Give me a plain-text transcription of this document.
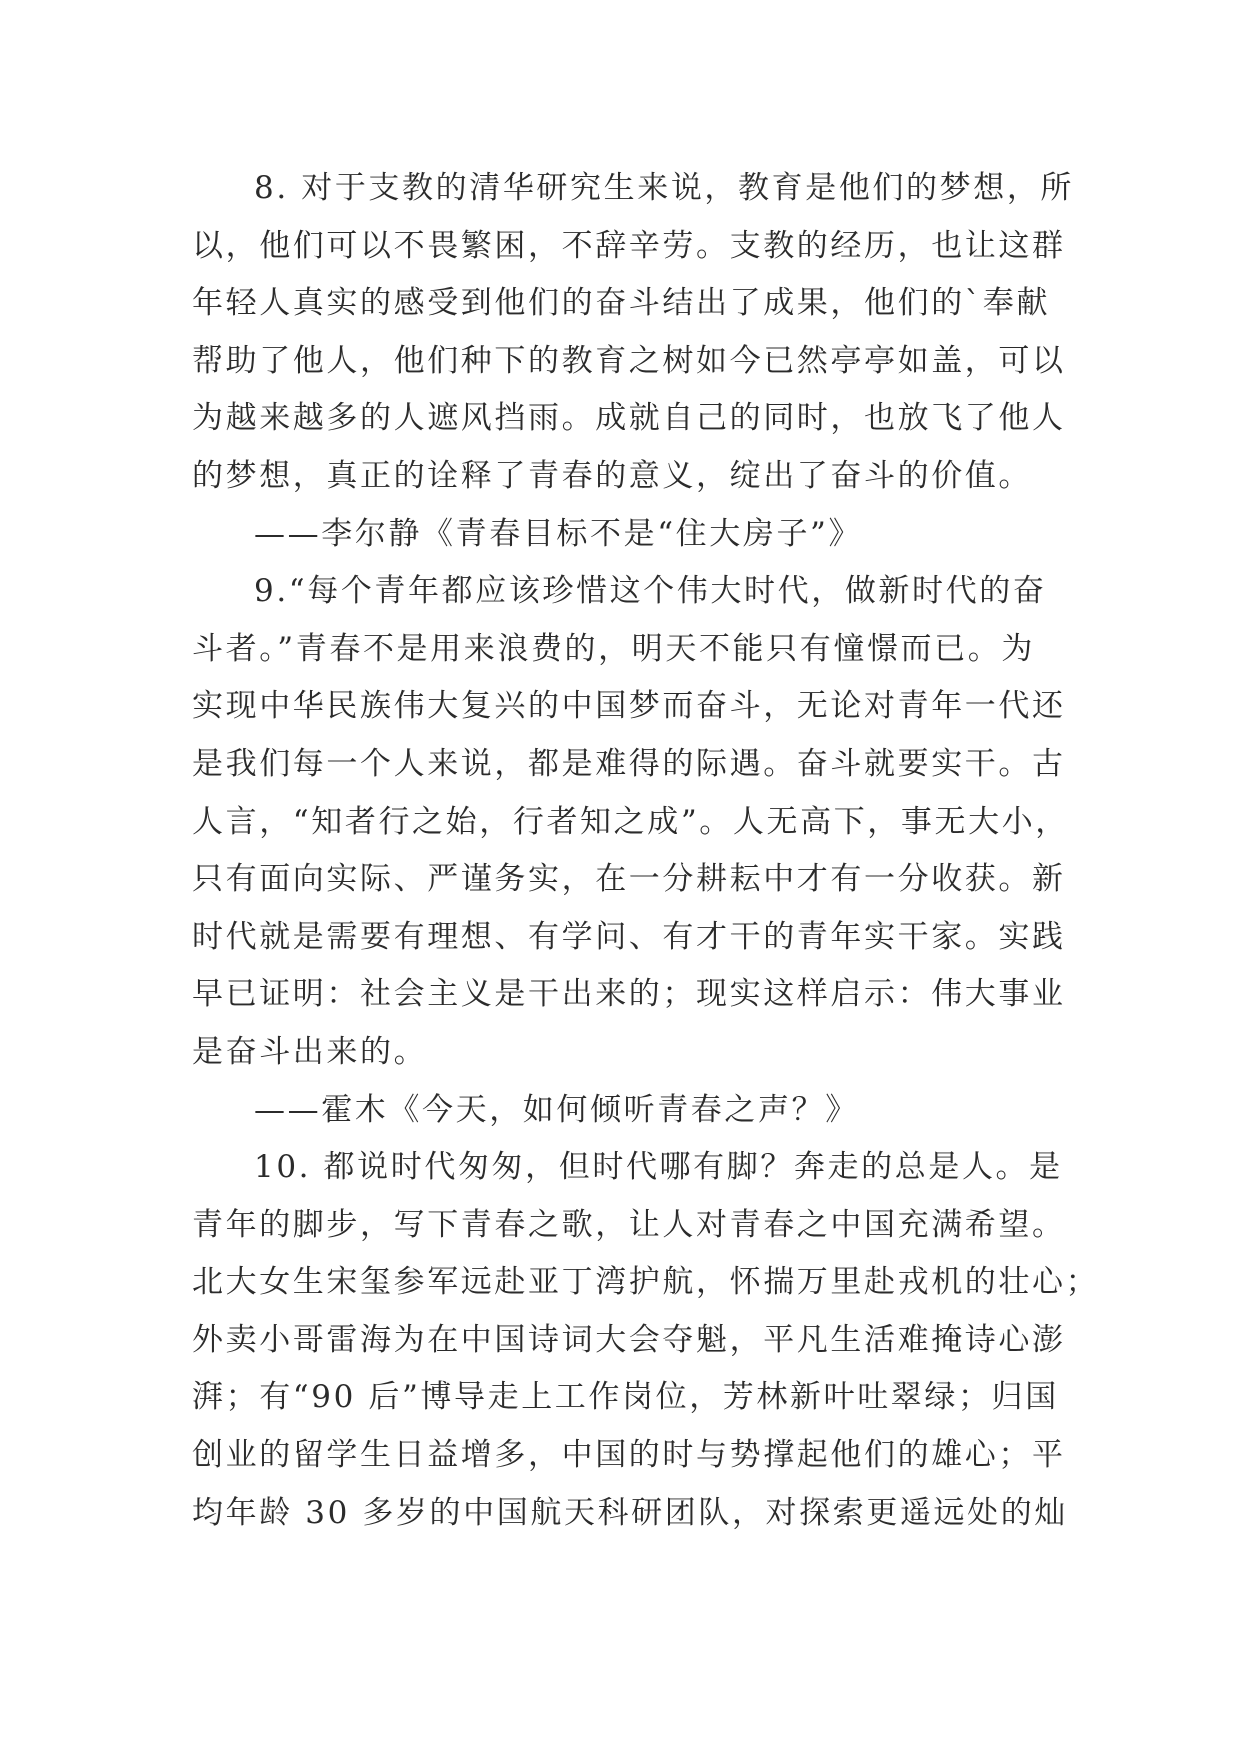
8. 对于支教的清华研究生来说，教育是他们的梦想，所
以，他们可以不畏繁困，不辞辛劳。支教的经历，也让这群
年轻人真实的感受到他们的奋斗结出了成果，他们的`奉献
帮助了他人，他们种下的教育之树如今已然亭亭如盖，可以
为越来越多的人遮风挡雨。成就自己的同时，也放飞了他人
的梦想，真正的诠释了青春的意义，绽出了奋斗的价值。
——李尔静《青春目标不是“住大房子”》
9.“每个青年都应该珍惜这个伟大时代，做新时代的奋
斗者。”青春不是用来浪费的，明天不能只有憧憬而已。为
实现中华民族伟大复兴的中国梦而奋斗，无论对青年一代还
是我们每一个人来说，都是难得的际遇。奋斗就要实干。古
人言，“知者行之始，行者知之成”。人无高下，事无大小，
只有面向实际、严谨务实，在一分耕耘中才有一分收获。新
时代就是需要有理想、有学问、有才干的青年实干家。实践
早已证明：社会主义是干出来的；现实这样启示：伟大事业
是奋斗出来的。
——霍木《今天，如何倾听青春之声？》
10. 都说时代匆匆，但时代哪有脚？奔走的总是人。是
青年的脚步，写下青春之歌，让人对青春之中国充满希望。
北大女生宋玺参军远赴亚丁湾护航，怀揣万里赴戎机的壮心；
外卖小哥雷海为在中国诗词大会夺魁，平凡生活难掩诗心澎
湃；有“90 后”博导走上工作岗位，芳林新叶吐翠绿；归国
创业的留学生日益增多，中国的时与势撑起他们的雄心；平
均年龄 30 多岁的中国航天科研团队，对探索更遥远处的灿
